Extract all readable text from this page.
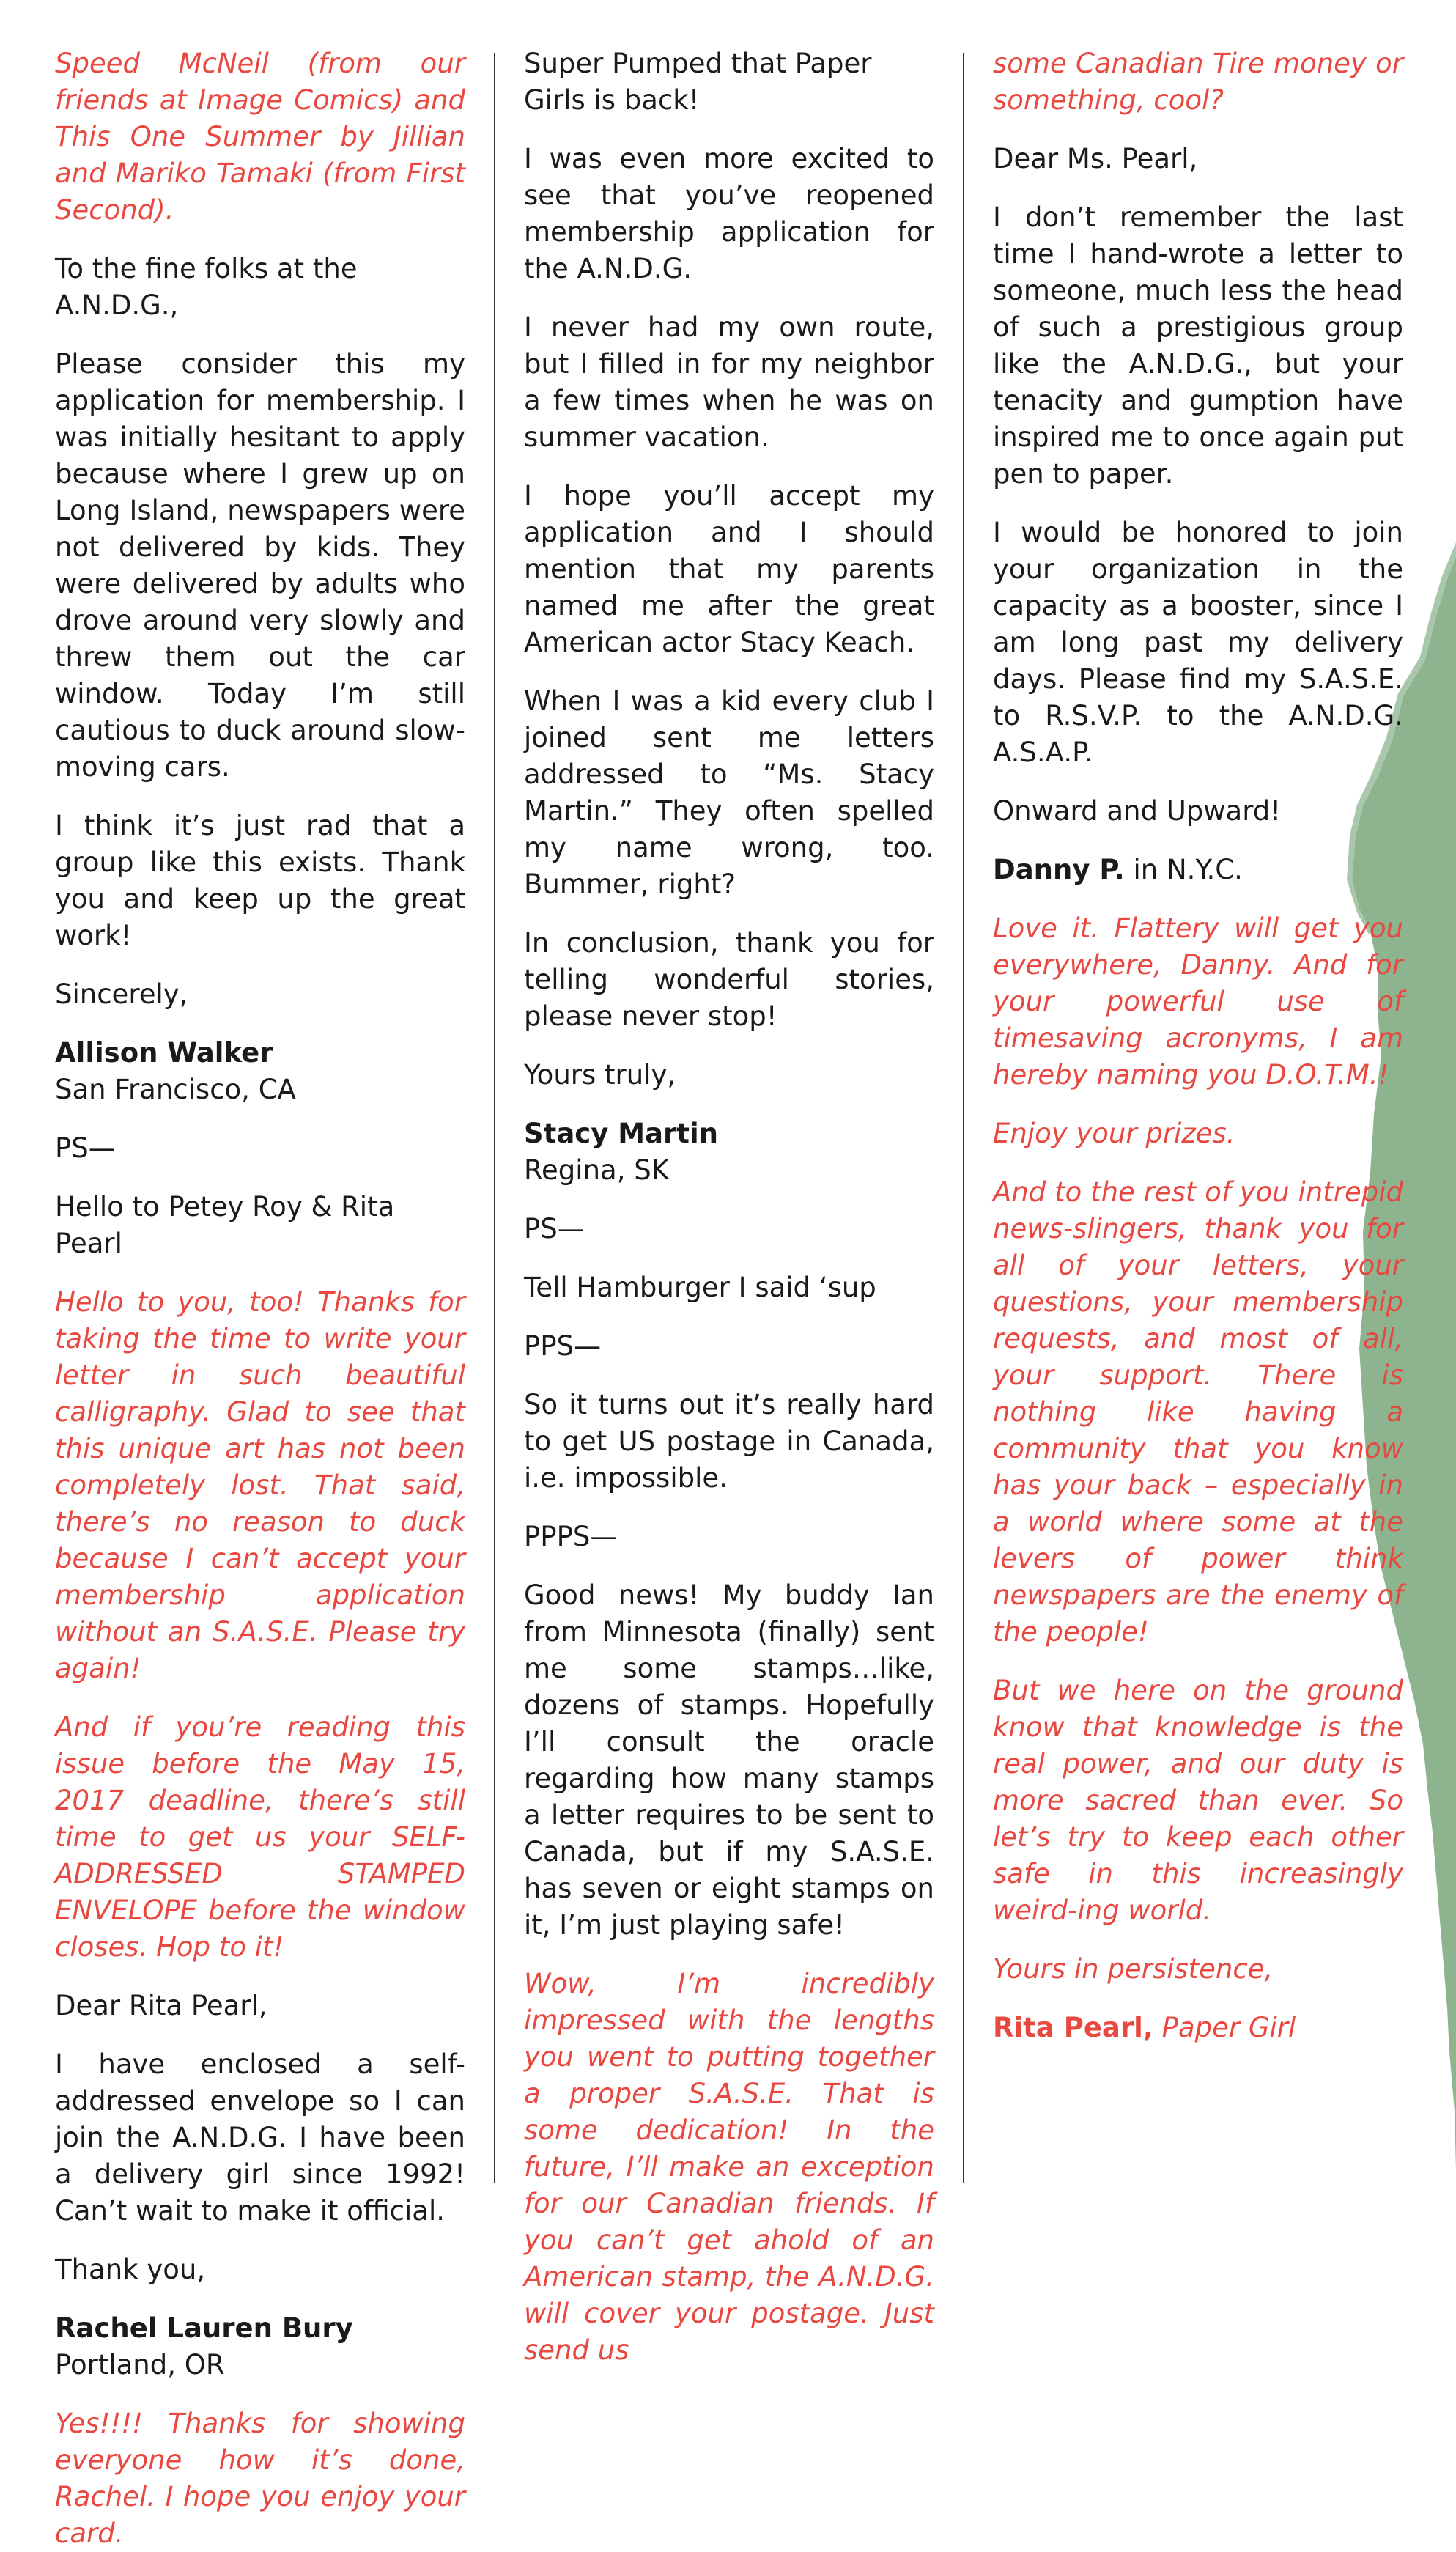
Speed McNeil (from our friends at Image Comics) and This One Summer by Jillian and Mariko Tamaki (from First Second).

To the fine folks at the A.N.D.G.,

Please consider this my application for membership. I was initially hesitant to apply because where I grew up on Long Island, newspapers were not delivered by kids. They were delivered by adults who drove around very slowly and threw them out the car window. Today I’m still cautious to duck around slow-moving cars.

I think it’s just rad that a group like this exists. Thank you and keep up the great work!

Sincerely,

Allison Walker
San Francisco, CA

PS—

Hello to Petey Roy & Rita Pearl

Hello to you, too! Thanks for taking the time to write your letter in such beautiful calligraphy. Glad to see that this unique art has not been completely lost. That said, there’s no reason to duck because I can’t accept your membership application without an S.A.S.E. Please try again!

And if you’re reading this issue before the May 15, 2017 deadline, there’s still time to get us your SELF-ADDRESSED STAMPED ENVELOPE before the window closes. Hop to it!

Dear Rita Pearl,

I have enclosed a self-addressed envelope so I can join the A.N.D.G. I have been a delivery girl since 1992! Can’t wait to make it official.

Thank you,

Rachel Lauren Bury
Portland, OR

Yes!!!! Thanks for showing everyone how it’s done, Rachel. I hope you enjoy your card.

Super Pumped that Paper Girls is back!

I was even more excited to see that you’ve reopened membership application for the A.N.D.G.

I never had my own route, but I filled in for my neighbor a few times when he was on summer vacation.

I hope you’ll accept my application and I should mention that my parents named me after the great American actor Stacy Keach.

When I was a kid every club I joined sent me letters addressed to “Ms. Stacy Martin.” They often spelled my name wrong, too. Bummer, right?

In conclusion, thank you for telling wonderful stories, please never stop!

Yours truly,

Stacy Martin
Regina, SK

PS—

Tell Hamburger I said ‘sup

PPS—

So it turns out it’s really hard to get US postage in Canada, i.e. impossible.

PPPS—

Good news! My buddy Ian from Minnesota (finally) sent me some stamps…like, dozens of stamps. Hopefully I’ll consult the oracle regarding how many stamps a letter requires to be sent to Canada, but if my S.A.S.E. has seven or eight stamps on it, I’m just playing safe!

Wow, I’m incredibly impressed with the lengths you went to putting together a proper S.A.S.E. That is some dedication! In the future, I’ll make an exception for our Canadian friends. If you can’t get ahold of an American stamp, the A.N.D.G. will cover your postage. Just send us

some Canadian Tire money or something, cool?

Dear Ms. Pearl,

I don’t remember the last time I hand-wrote a letter to someone, much less the head of such a prestigious group like the A.N.D.G., but your tenacity and gumption have inspired me to once again put pen to paper.

I would be honored to join your organization in the capacity as a booster, since I am long past my delivery days. Please find my S.A.S.E. to R.S.V.P. to the A.N.D.G. A.S.A.P.

Onward and Upward!

Danny P. in N.Y.C.

Love it. Flattery will get you everywhere, Danny. And for your powerful use of timesaving acronyms, I am hereby naming you D.O.T.M.!

Enjoy your prizes.

And to the rest of you intrepid news-slingers, thank you for all of your letters, your questions, your membership requests, and most of all, your support. There is nothing like having a community that you know has your back – especially in a world where some at the levers of power think newspapers are the enemy of the people!

But we here on the ground know that knowledge is the real power, and our duty is more sacred than ever. So let’s try to keep each other safe in this increasingly weird-ing world.

Yours in persistence,

Rita Pearl, Paper Girl
